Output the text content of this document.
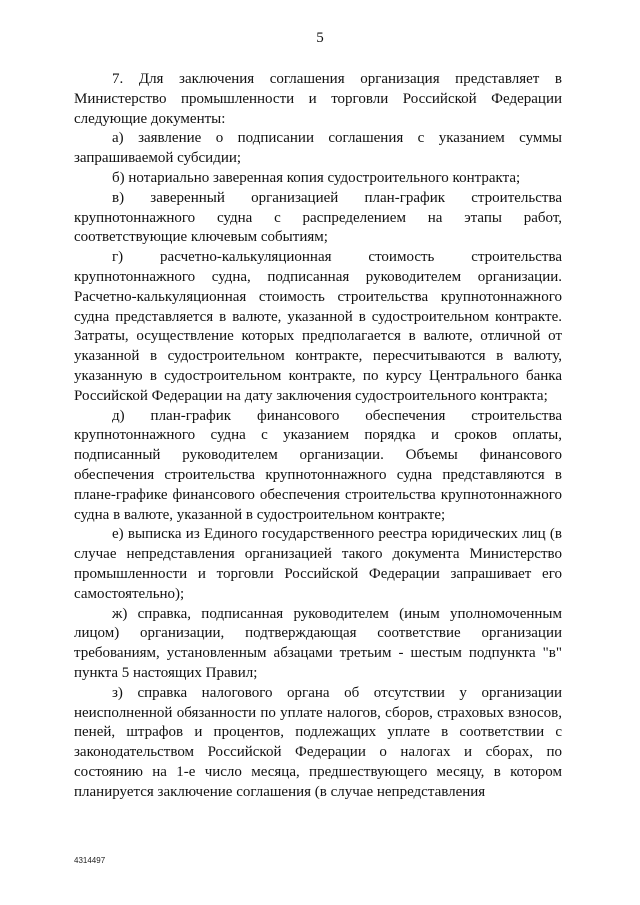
5

7. Для заключения соглашения организация представляет в Министерство промышленности и торговли Российской Федерации следующие документы:

а) заявление о подписании соглашения с указанием суммы запрашиваемой субсидии;

б) нотариально заверенная копия судостроительного контракта;

в) заверенный организацией план-график строительства крупнотоннажного судна с распределением на этапы работ, соответствующие ключевым событиям;

г) расчетно-калькуляционная стоимость строительства крупнотоннажного судна, подписанная руководителем организации. Расчетно-калькуляционная стоимость строительства крупнотоннажного судна представляется в валюте, указанной в судостроительном контракте. Затраты, осуществление которых предполагается в валюте, отличной от указанной в судостроительном контракте, пересчитываются в валюту, указанную в судостроительном контракте, по курсу Центрального банка Российской Федерации на дату заключения судостроительного контракта;

д) план-график финансового обеспечения строительства крупнотоннажного судна с указанием порядка и сроков оплаты, подписанный руководителем организации. Объемы финансового обеспечения строительства крупнотоннажного судна представляются в плане-графике финансового обеспечения строительства крупнотоннажного судна в валюте, указанной в судостроительном контракте;

е) выписка из Единого государственного реестра юридических лиц (в случае непредставления организацией такого документа Министерство промышленности и торговли Российской Федерации запрашивает его самостоятельно);

ж) справка, подписанная руководителем (иным уполномоченным лицом) организации, подтверждающая соответствие организации требованиям, установленным абзацами третьим - шестым подпункта "в" пункта 5 настоящих Правил;

з) справка налогового органа об отсутствии у организации неисполненной обязанности по уплате налогов, сборов, страховых взносов, пеней, штрафов и процентов, подлежащих уплате в соответствии с законодательством Российской Федерации о налогах и сборах, по состоянию на 1-е число месяца, предшествующего месяцу, в котором планируется заключение соглашения (в случае непредставления

4314497
